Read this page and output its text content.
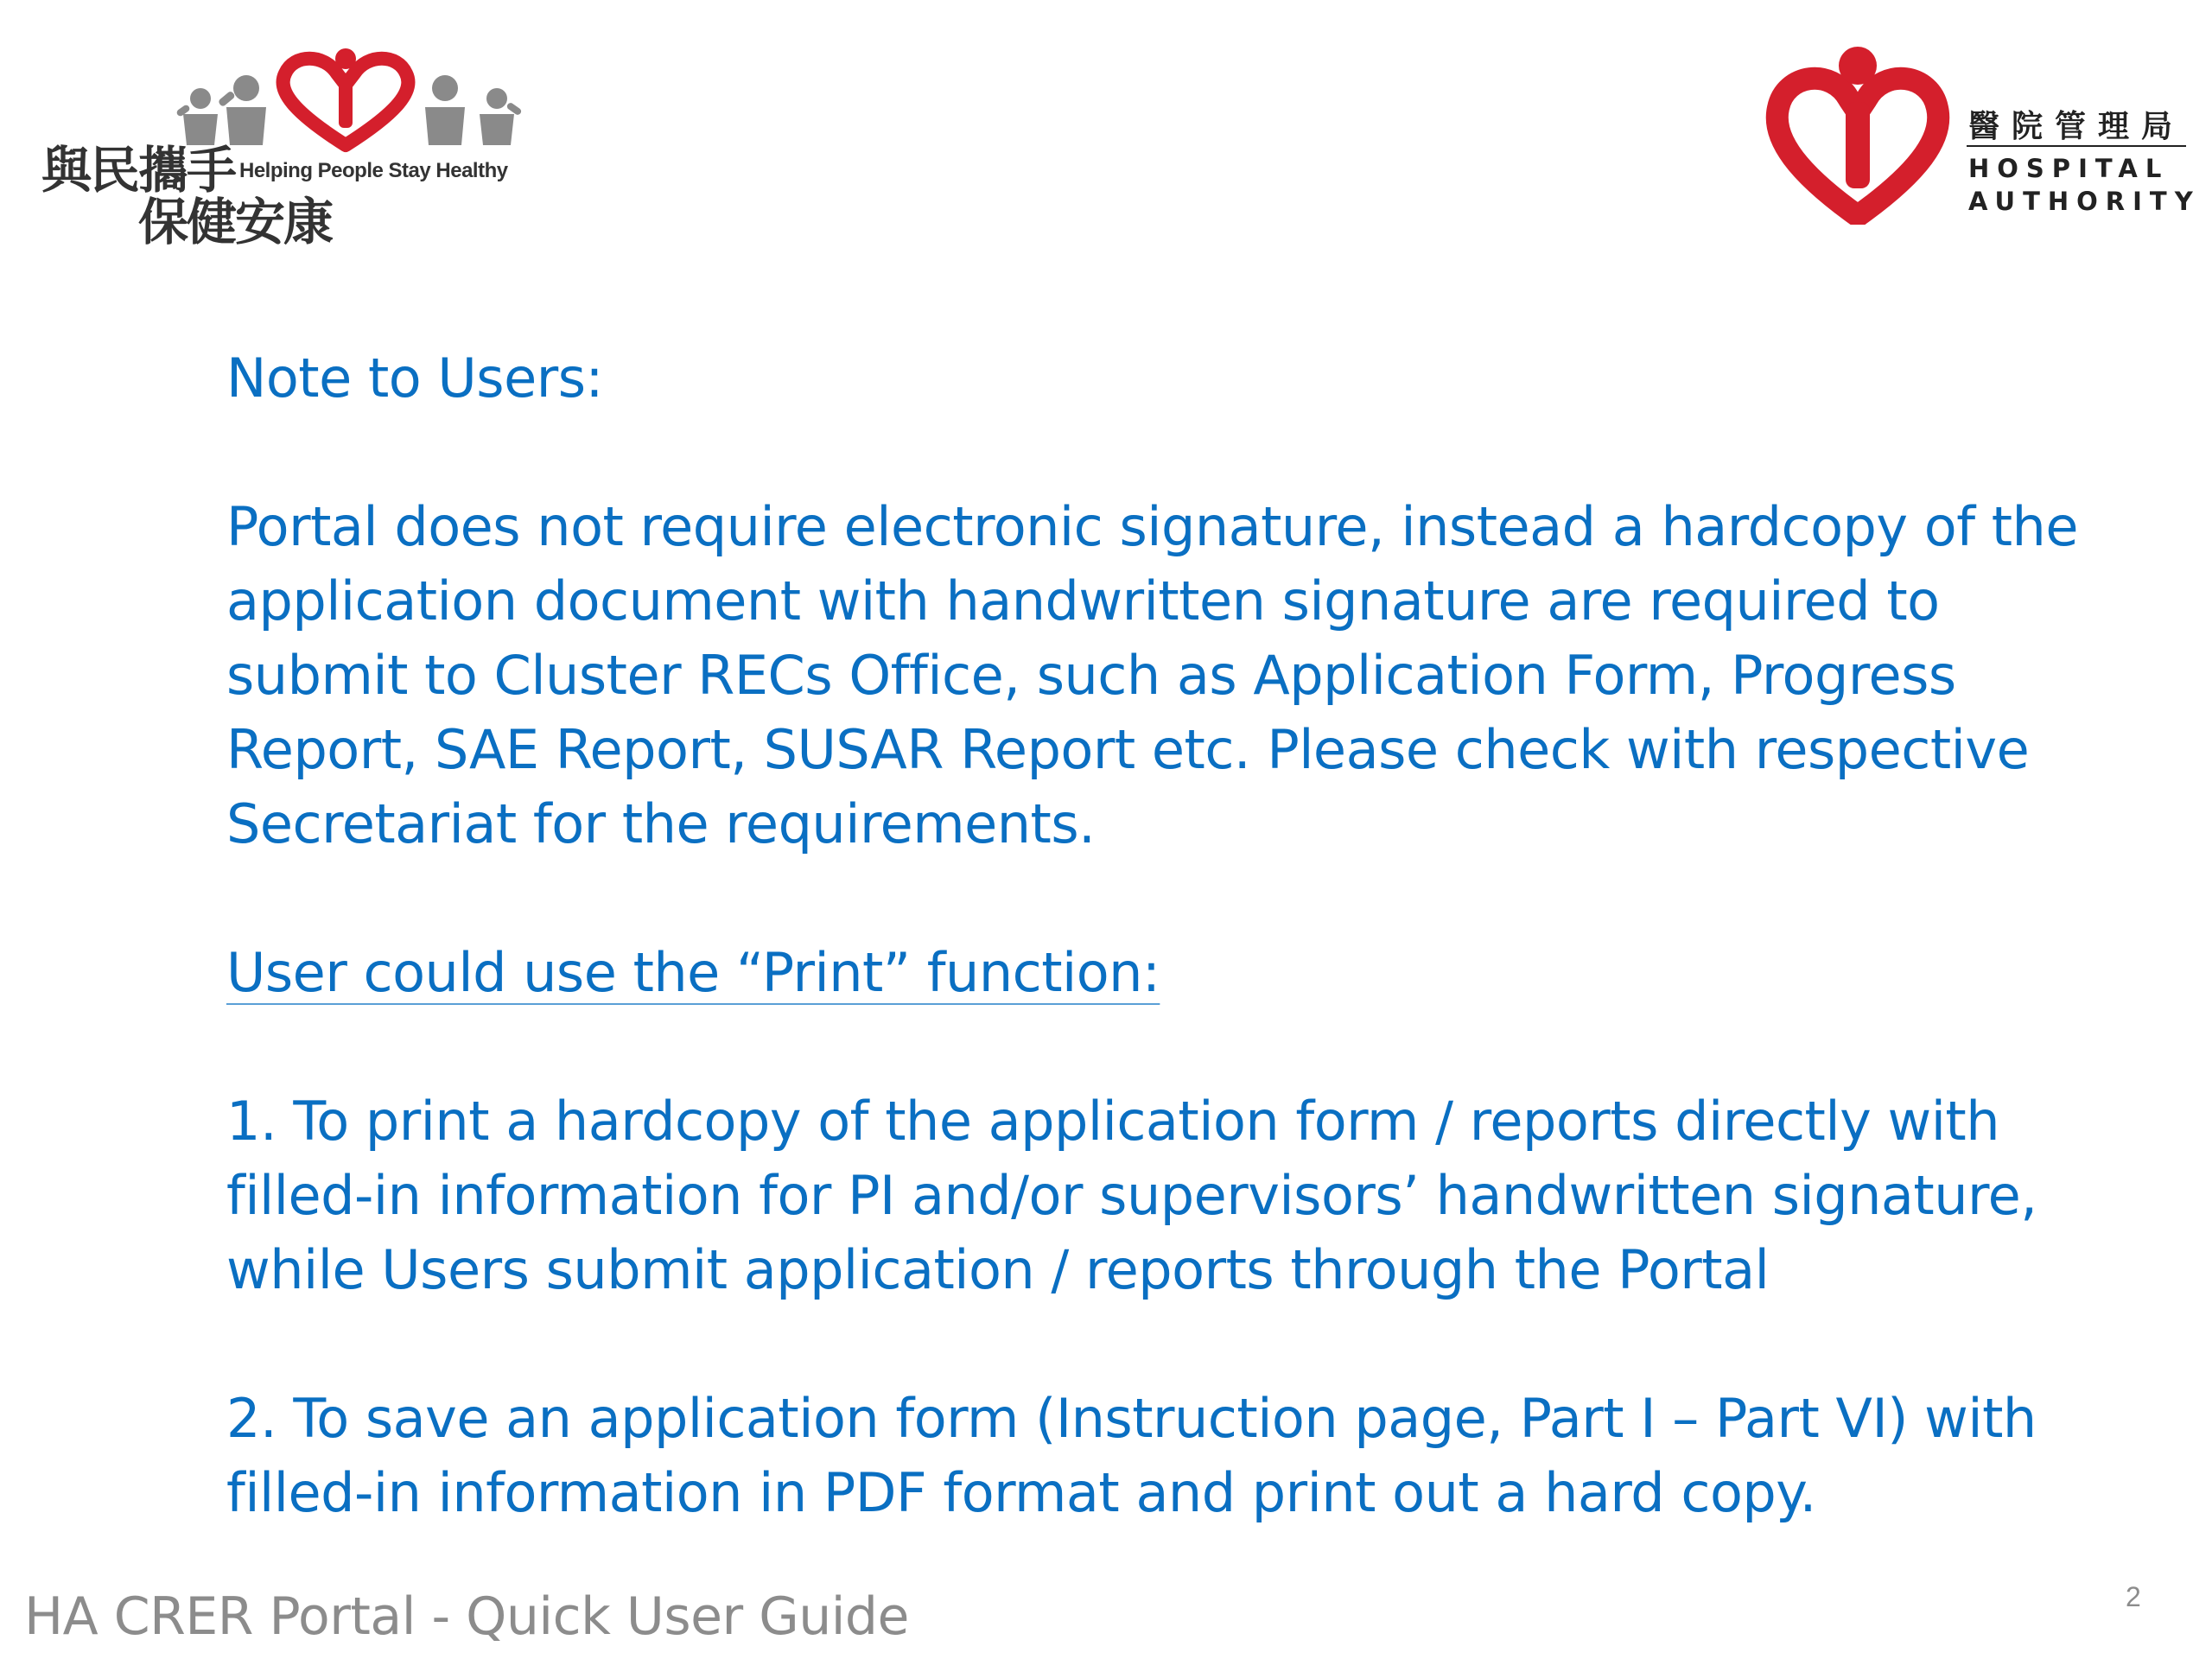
與民攜手 Helping People Stay Healthy
保健安康
醫院管理局
HOSPITAL
AUTHORITY

Note to Users:

Portal does not require electronic signature, instead a hardcopy of the application document with handwritten signature are required to submit to Cluster RECs Office, such as Application Form, Progress Report, SAE Report, SUSAR Report etc. Please check with respective Secretariat for the requirements.

User could use the “Print” function:

1. To print a hardcopy of the application form / reports directly with filled-in information for PI and/or supervisors’ handwritten signature, while Users submit application / reports through the Portal

2. To save an application form (Instruction page, Part I – Part VI) with filled-in information in PDF format and print out a hard copy.

HA CRER Portal - Quick User Guide	2
